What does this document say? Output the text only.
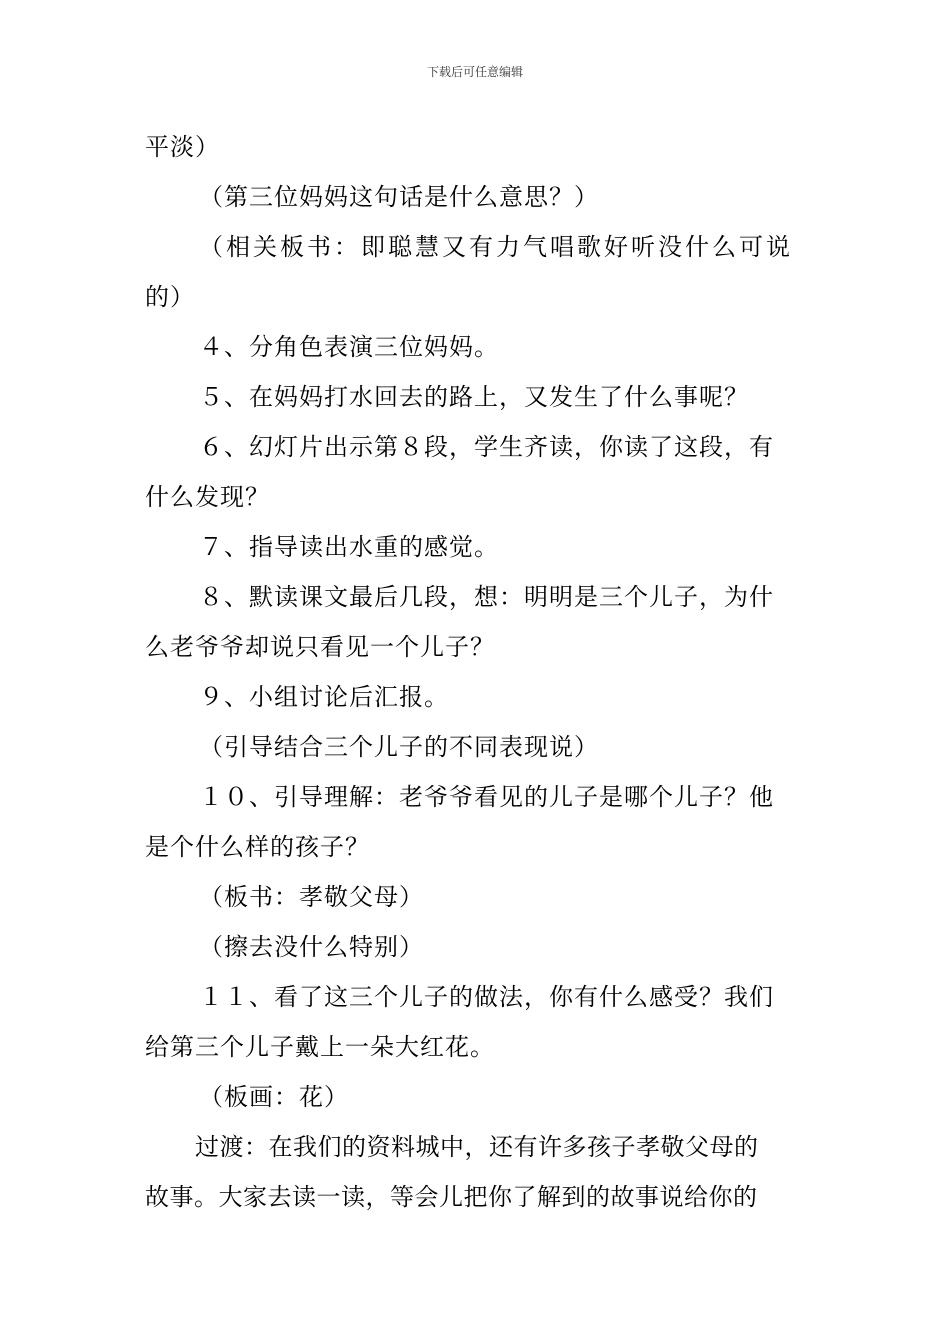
下载后可任意编辑

平淡）

（第三位妈妈这句话是什么意思？）

（相关板书：即聪慧又有力气唱歌好听没什么可说

的）

４、分角色表演三位妈妈。

５、在妈妈打水回去的路上，又发生了什么事呢？

６、幻灯片出示第８段，学生齐读，你读了这段，有

什么发现？

７、指导读出水重的感觉。

８、默读课文最后几段，想：明明是三个儿子，为什

么老爷爷却说只看见一个儿子？

９、小组讨论后汇报。

（引导结合三个儿子的不同表现说）

１０、引导理解：老爷爷看见的儿子是哪个儿子？他

是个什么样的孩子？

（板书：孝敬父母）

（擦去没什么特别）

１１、看了这三个儿子的做法，你有什么感受？我们

给第三个儿子戴上一朵大红花。

（板画：花）

过渡：在我们的资料城中，还有许多孩子孝敬父母的

故事。大家去读一读，等会儿把你了解到的故事说给你的
